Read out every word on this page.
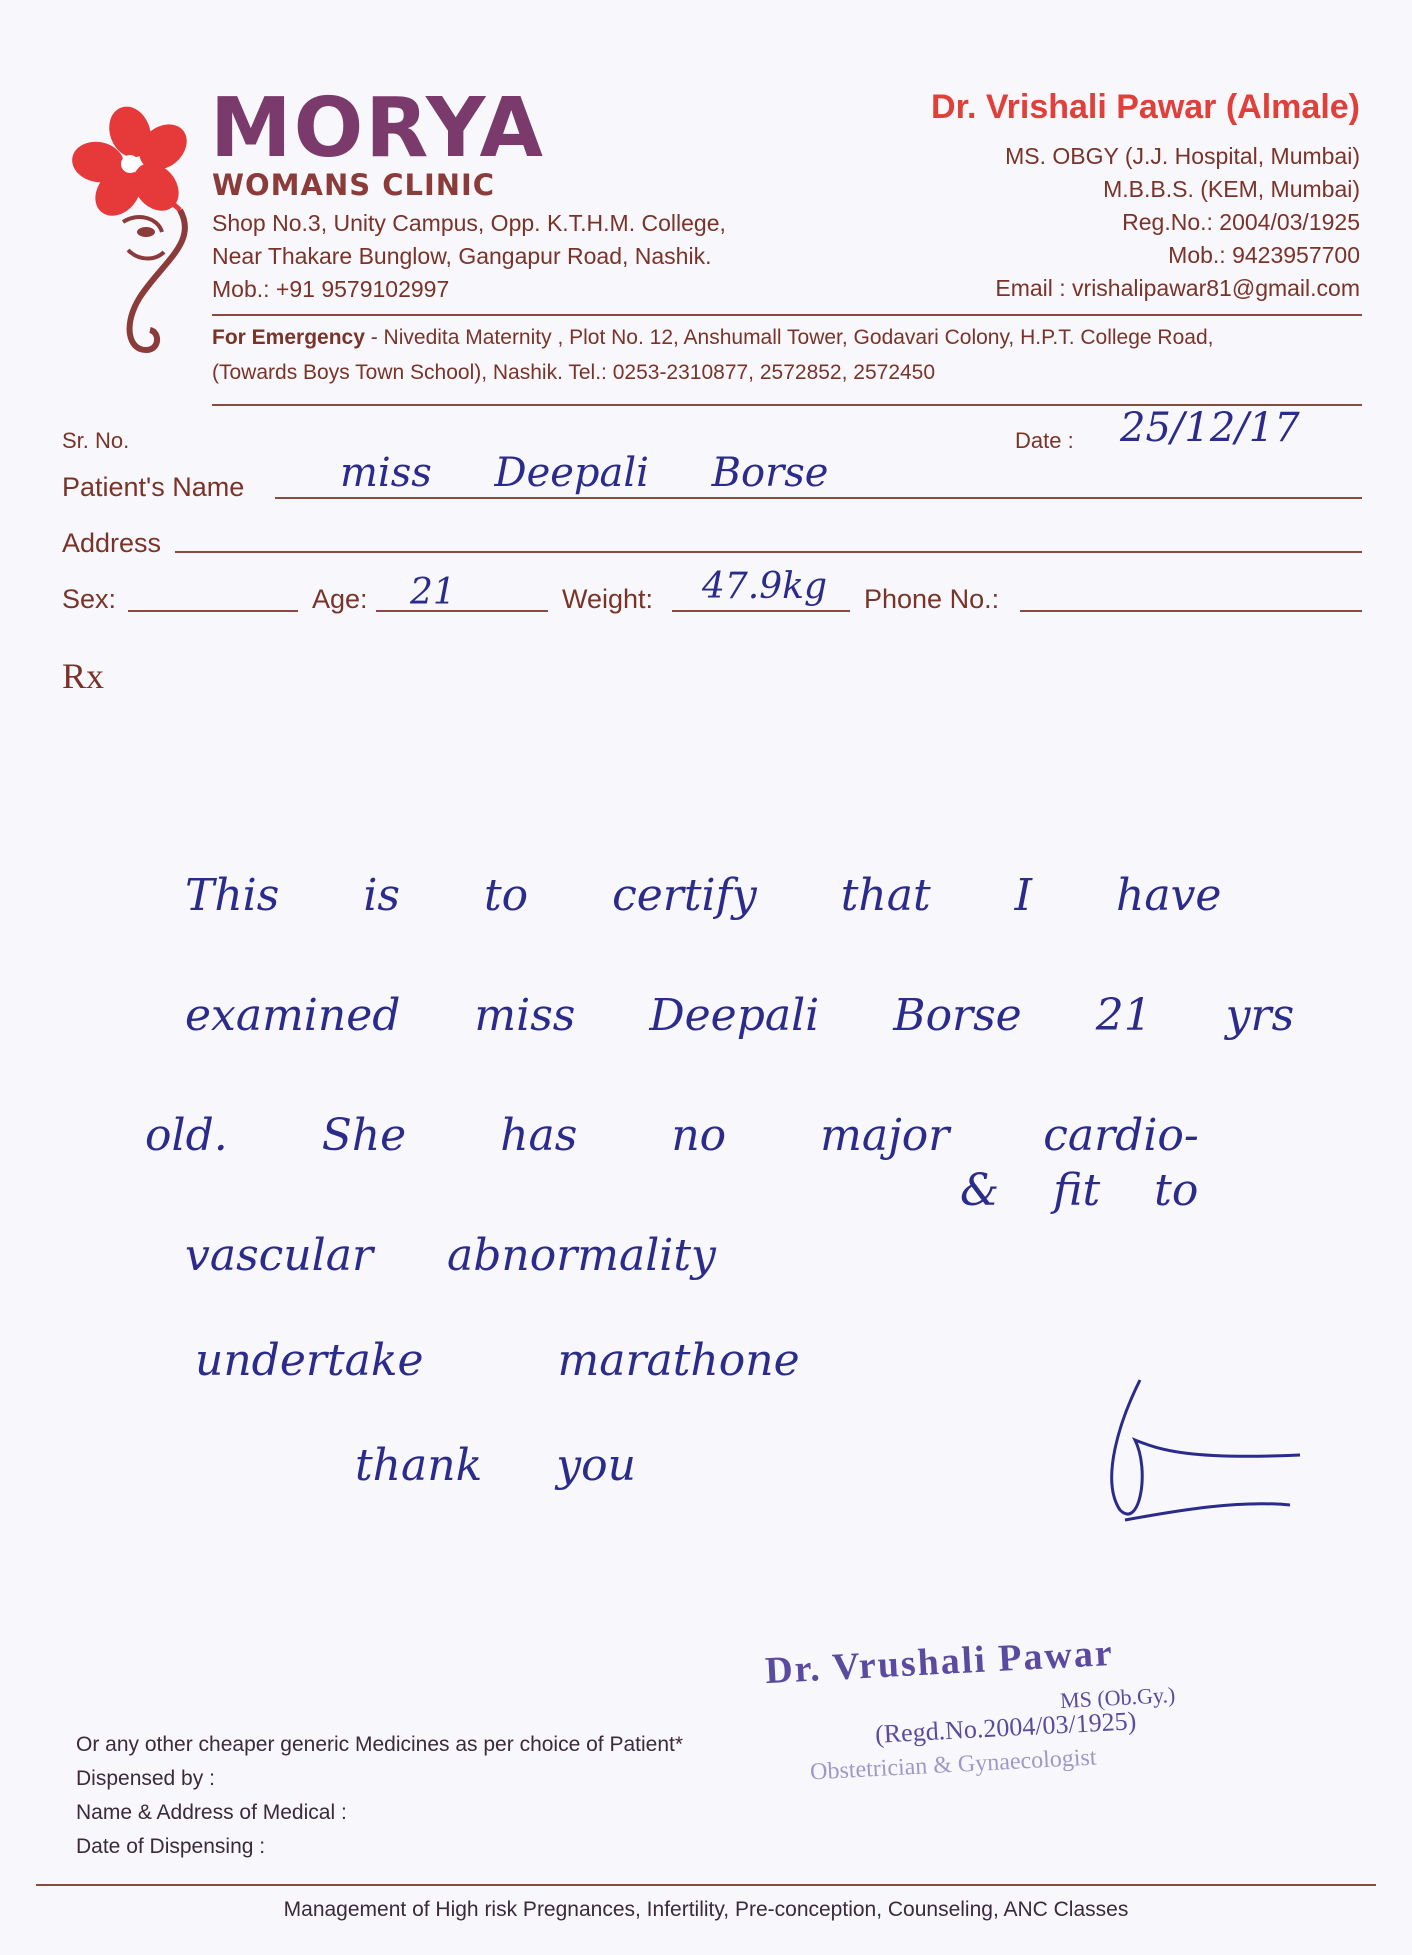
MORYA
WOMANS CLINIC
Shop No.3, Unity Campus, Opp. K.T.H.M. College,
Near Thakare Bunglow, Gangapur Road, Nashik.
Mob.: +91 9579102997
Dr. Vrishali Pawar (Almale)
MS. OBGY (J.J. Hospital, Mumbai)
M.B.B.S. (KEM, Mumbai)
Reg.No.: 2004/03/1925
Mob.: 9423957700
Email : vrishalipawar81@gmail.com
For Emergency - Nivedita Maternity , Plot No. 12, Anshumall Tower, Godavari Colony, H.P.T. College Road,
(Towards Boys Town School), Nashik. Tel.: 0253-2310877, 2572852, 2572450
Sr. No.	Date : 25/12/17
Patient's Name miss Deepali Borse
Address
Sex:	Age: 21	Weight: 47.9kg Phone No.:
Rx
This is to certify that I have
examined miss Deepali Borse 21 yrs
old. She has no major cardio-
& fit to
vascular abnormality
undertake marathone
thank you
Dr. Vrushali Pawar
MS (Ob.Gy.)
(Regd.No.2004/03/1925)
Obstetrician & Gynaecologist
Or any other cheaper generic Medicines as per choice of Patient*
Dispensed by :
Name & Address of Medical :
Date of Dispensing :
Management of High risk Pregnances, Infertility, Pre-conception, Counseling, ANC Classes
